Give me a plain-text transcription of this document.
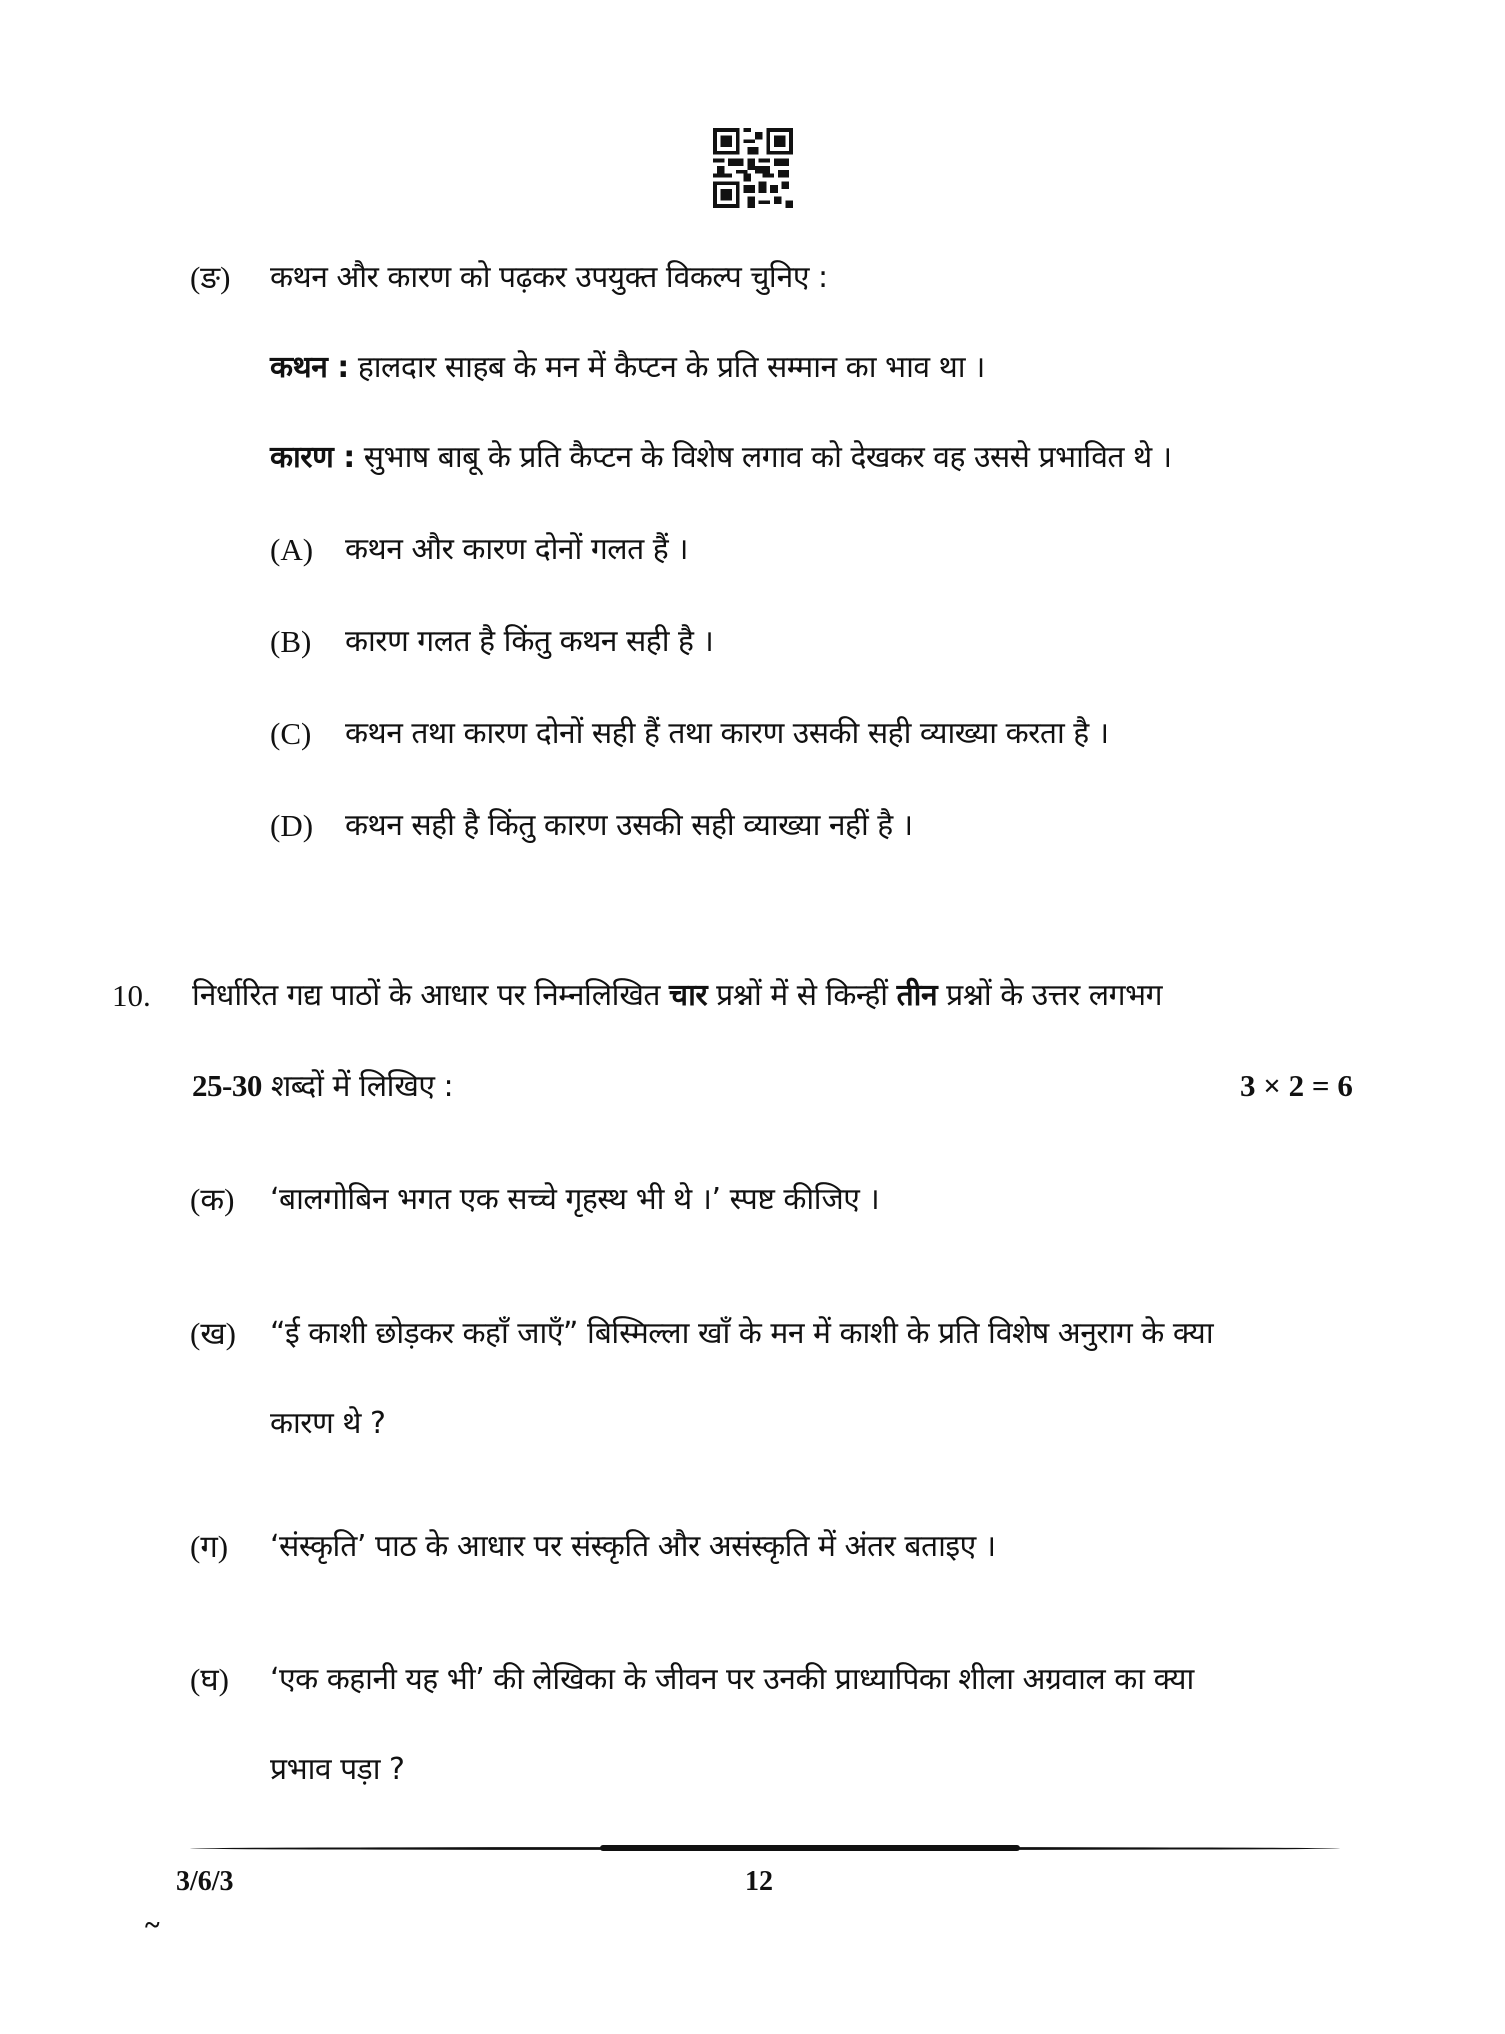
(ङ) कथन और कारण को पढ़कर उपयुक्त विकल्प चुनिए :
कथन : हालदार साहब के मन में कैप्टन के प्रति सम्मान का भाव था ।
कारण : सुभाष बाबू के प्रति कैप्टन के विशेष लगाव को देखकर वह उससे प्रभावित थे ।
(A) कथन और कारण दोनों गलत हैं ।
(B) कारण गलत है किंतु कथन सही है ।
(C) कथन तथा कारण दोनों सही हैं तथा कारण उसकी सही व्याख्या करता है ।
(D) कथन सही है किंतु कारण उसकी सही व्याख्या नहीं है ।
10. निर्धारित गद्य पाठों के आधार पर निम्नलिखित चार प्रश्नों में से किन्हीं तीन प्रश्नों के उत्तर लगभग
25-30 शब्दों में लिखिए :	3 × 2 = 6
(क) ‘बालगोबिन भगत एक सच्चे गृहस्थ भी थे ।’ स्पष्ट कीजिए ।
(ख) “ई काशी छोड़कर कहाँ जाएँ” बिस्मिल्ला खाँ के मन में काशी के प्रति विशेष अनुराग के क्या
कारण थे ?
(ग) ‘संस्कृति’ पाठ के आधार पर संस्कृति और असंस्कृति में अंतर बताइए ।
(घ) ‘एक कहानी यह भी’ की लेखिका के जीवन पर उनकी प्राध्यापिका शीला अग्रवाल का क्या
प्रभाव पड़ा ?
3/6/3	12
~
